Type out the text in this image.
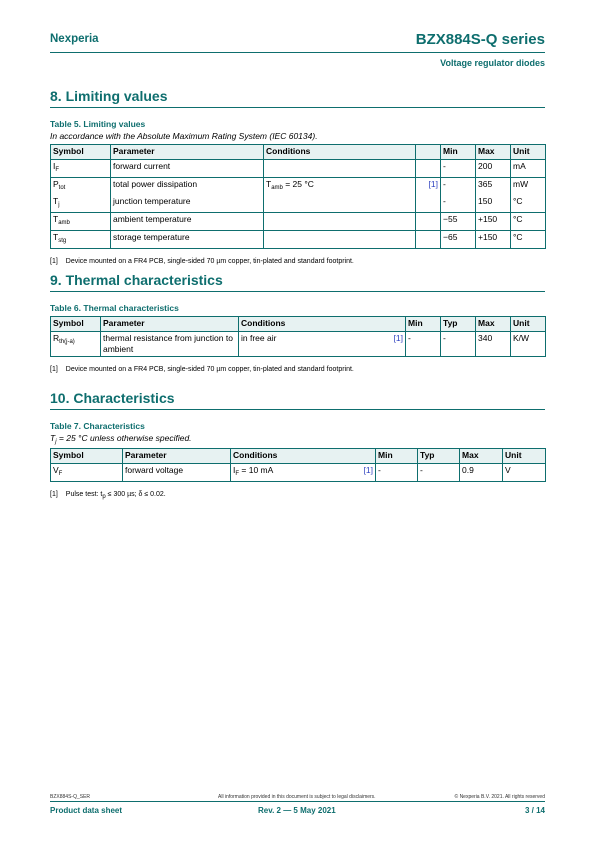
Nexperia	BZX884S-Q series
Voltage regulator diodes
8. Limiting values
Table 5. Limiting values
In accordance with the Absolute Maximum Rating System (IEC 60134).
Symbol	Parameter	Conditions		Min	Max	Unit
$I_F$	forward current			-	200	mA
$P_{tot}$	total power dissipation	$T_{amb} = 25$ °C	[1]	-	365	mW
$T_j$	junction temperature			-	150	°C
$T_{amb}$	ambient temperature			−55	+150	°C
$T_{stg}$	storage temperature			−65	+150	°C
[1] Device mounted on a FR4 PCB, single-sided 70 µm copper, tin-plated and standard footprint.
9. Thermal characteristics
Table 6. Thermal characteristics
Symbol	Parameter	Conditions		Min	Typ	Max	Unit
$R_{th(j-a)}$	thermal resistance from junction to ambient	in free air	[1]	-	-	340	K/W
[1] Device mounted on a FR4 PCB, single-sided 70 µm copper, tin-plated and standard footprint.
10. Characteristics
Table 7. Characteristics
$T_j = 25$ °C unless otherwise specified.
Symbol	Parameter	Conditions		Min	Typ	Max	Unit
$V_F$	forward voltage	$I_F = 10$ mA	[1]	-	-	0.9	V
[1] Pulse test: $t_p \le 300$ µs; δ ≤ 0.02.
BZX884S-Q_SER	All information provided in this document is subject to legal disclaimers.	© Nexperia B.V. 2021. All rights reserved
Product data sheet	Rev. 2 — 5 May 2021	3 / 14
